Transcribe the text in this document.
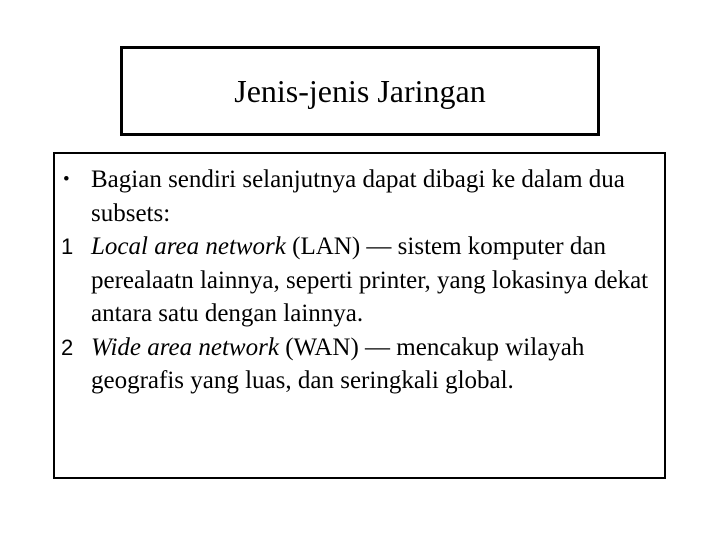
Jenis-jenis Jaringan
• Bagian sendiri selanjutnya dapat dibagi ke dalam dua subsets:
1 Local area network (LAN) — sistem komputer dan perealaatn lainnya, seperti printer, yang lokasinya dekat antara satu dengan lainnya.
2 Wide area network (WAN) — mencakup wilayah geografis yang luas, dan seringkali global.
